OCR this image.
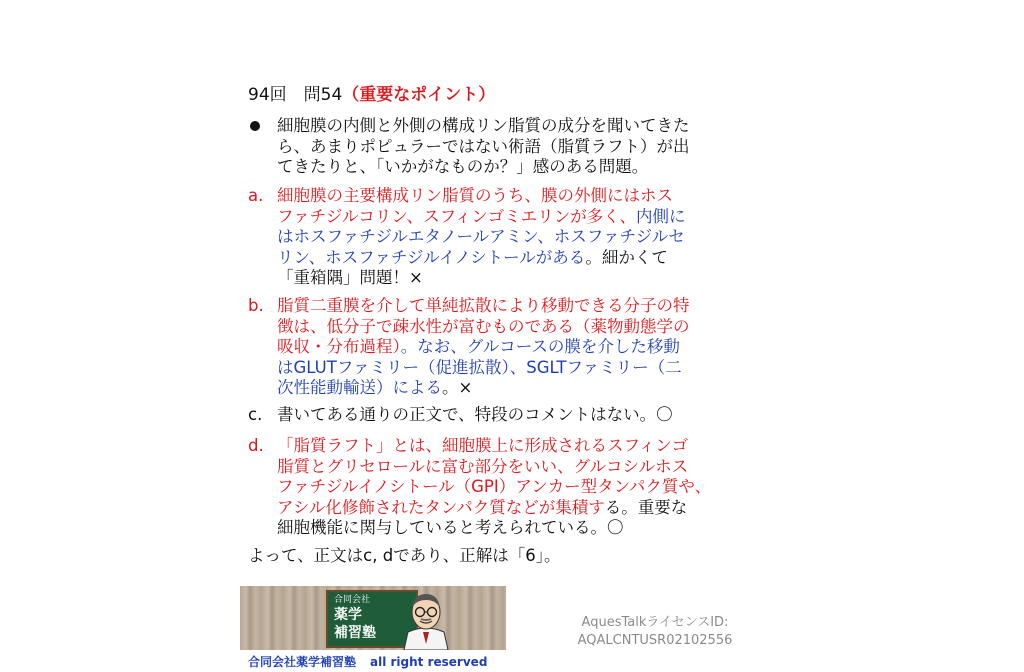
94回　問54（重要なポイント）
細胞膜の内側と外側の構成リン脂質の成分を聞いてきた
ら、あまりポピュラーではない術語（脂質ラフト）が出
てきたりと、「いかがなものか？」感のある問題。
a. 細胞膜の主要構成リン脂質のうち、膜の外側にはホス
ファチジルコリン、スフィンゴミエリンが多く、内側に
はホスファチジルエタノールアミン、ホスファチジルセ
リン、ホスファチジルイノシトールがある。細かくて
「重箱隅」問題！×
b. 脂質二重膜を介して単純拡散により移動できる分子の特
徴は、低分子で疎水性が富むものである（薬物動態学の
吸収・分布過程）。なお、グルコースの膜を介した移動
はGLUTファミリー（促進拡散）、SGLTファミリー（二
次性能動輸送）による。×
c. 書いてある通りの正文で、特段のコメントはない。〇
d. 「脂質ラフト」とは、細胞膜上に形成されるスフィンゴ
脂質とグリセロールに富む部分をいい、グルコシルホス
ファチジルイノシトール（GPI）アンカー型タンパク質や、
アシル化修飾されたタンパク質などが集積する。重要な
細胞機能に関与していると考えられている。〇
よって、正文はc, dであり、正解は「6」。
合同会社
薬学
補習塾
合同会社薬学補習塾 all right reserved
AquesTalkライセンスID:
AQALCNTUSR02102556
